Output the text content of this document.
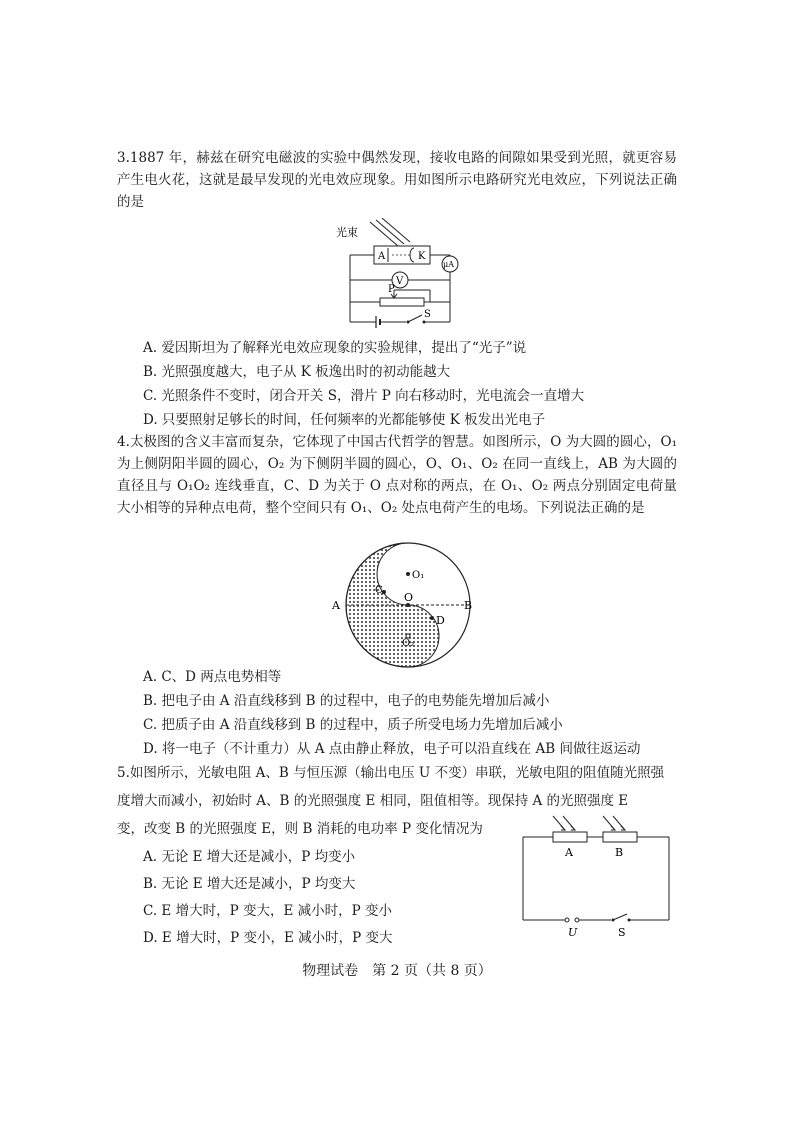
3.1887 年，赫兹在研究电磁波的实验中偶然发现，接收电路的间隙如果受到光照，就更容易产生电火花，这就是最早发现的光电效应现象。用如图所示电路研究光电效应，下列说法正确的是

光束
A	K
μA
V
P
S
A. 爱因斯坦为了解释光电效应现象的实验规律，提出了“光子”说
B. 光照强度越大，电子从 K 板逸出时的初动能越大
C. 光照条件不变时，闭合开关 S，滑片 P 向右移动时，光电流会一直增大
D. 只要照射足够长的时间，任何频率的光都能够使 K 板发出光电子

4.太极图的含义丰富而复杂，它体现了中国古代哲学的智慧。如图所示，O 为大圆的圆心，O₁ 为上侧阴阳半圆的圆心，O₂ 为下侧阴半圆的圆心，O、O₁、O₂ 在同一直线上，AB 为大圆的直径且与 O₁O₂ 连线垂直，C、D 为关于 O 点对称的两点，在 O₁、O₂ 两点分别固定电荷量大小相等的异种点电荷，整个空间只有 O₁、O₂ 处点电荷产生的电场。下列说法正确的是

O₁
O
O₂
C
D
A	B
A. C、D 两点电势相等
B. 把电子由 A 沿直线移到 B 的过程中，电子的电势能先增加后减小
C. 把质子由 A 沿直线移到 B 的过程中，质子所受电场力先增加后减小
D. 将一电子（不计重力）从 A 点由静止释放，电子可以沿直线在 AB 间做往返运动

5.如图所示，光敏电阻 A、B 与恒压源（输出电压 U 不变）串联，光敏电阻的阻值随光照强

度增大而减小，初始时 A、B 的光照强度 E 相同，阻值相等。现保持 A 的光照强度 E

变，改变 B 的光照强度 E，则 B 消耗的电功率 P 变化情况为

A	B
U	S
A. 无论 E 增大还是减小，P 均变小
B. 无论 E 增大还是减小，P 均变大
C. E 增大时，P 变大，E 减小时，P 变小
D. E 增大时，P 变小，E 减小时，P 变大
物理试卷　第 2 页（共 8 页）
